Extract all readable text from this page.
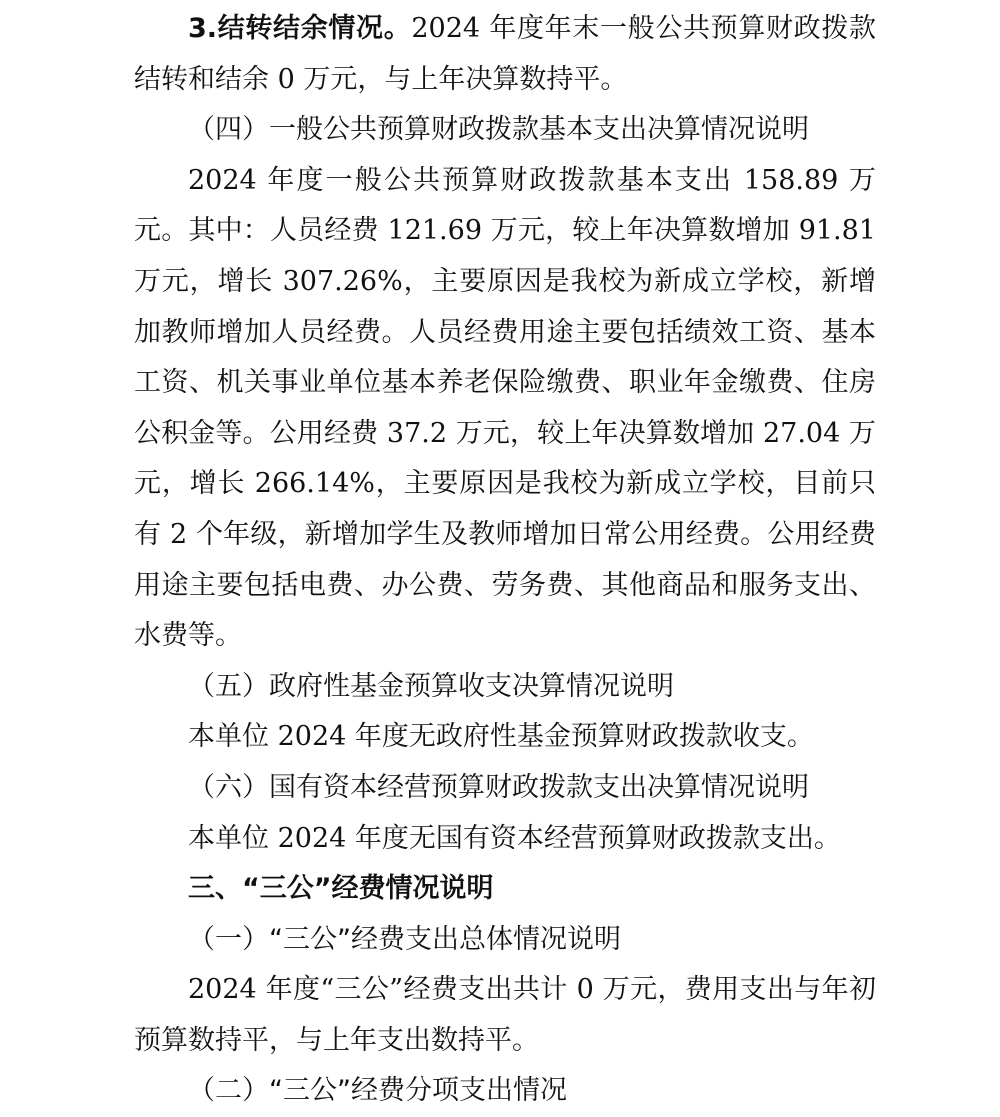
3.结转结余情况。2024 年度年末一般公共预算财政拨款结转和结余 0 万元，与上年决算数持平。

（四）一般公共预算财政拨款基本支出决算情况说明

2024 年度一般公共预算财政拨款基本支出 158.89 万元。其中：人员经费 121.69 万元，较上年决算数增加 91.81 万元，增长 307.26%，主要原因是我校为新成立学校，新增加教师增加人员经费。人员经费用途主要包括绩效工资、基本工资、机关事业单位基本养老保险缴费、职业年金缴费、住房公积金等。公用经费 37.2 万元，较上年决算数增加 27.04 万元，增长 266.14%，主要原因是我校为新成立学校，目前只有 2 个年级，新增加学生及教师增加日常公用经费。公用经费用途主要包括电费、办公费、劳务费、其他商品和服务支出、水费等。

（五）政府性基金预算收支决算情况说明

本单位 2024 年度无政府性基金预算财政拨款收支。

（六）国有资本经营预算财政拨款支出决算情况说明

本单位 2024 年度无国有资本经营预算财政拨款支出。

三、“三公”经费情况说明

（一）“三公”经费支出总体情况说明

2024 年度“三公”经费支出共计 0 万元，费用支出与年初预算数持平，与上年支出数持平。

（二）“三公”经费分项支出情况
